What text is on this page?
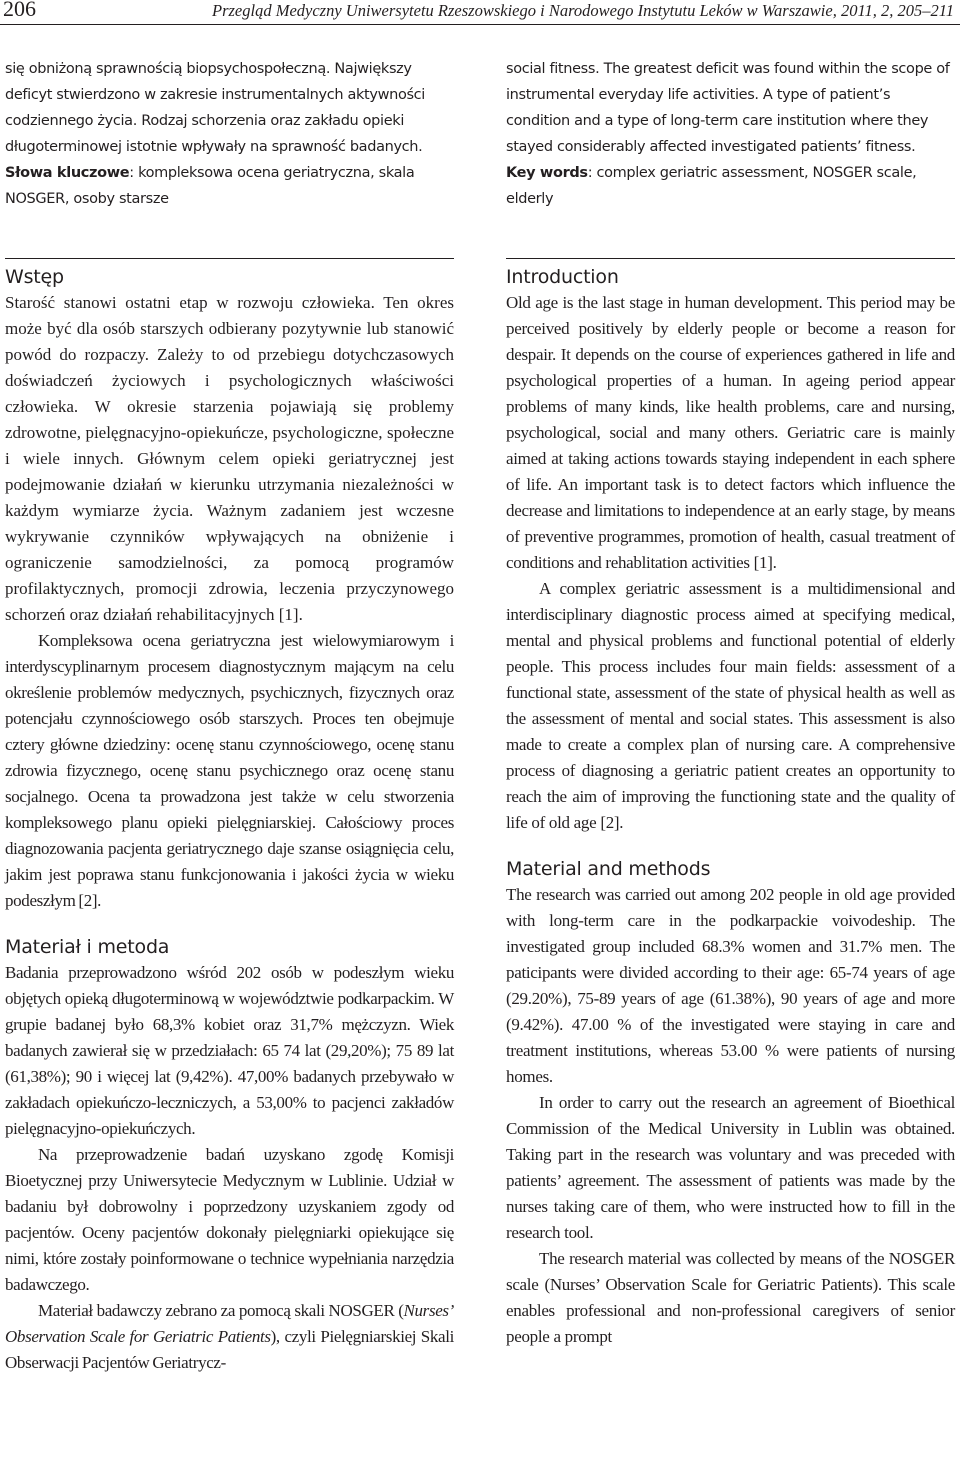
206	Przegląd Medyczny Uniwersytetu Rzeszowskiego i Narodowego Instytutu Leków w Warszawie, 2011, 2, 205–211

się obniżoną sprawnością biopsychospołeczną. Największy deficyt stwierdzono w zakresie instrumentalnych aktywności codziennego życia. Rodzaj schorzenia oraz zakładu opieki długoterminowej istotnie wpływały na sprawność badanych.

Słowa kluczowe: kompleksowa ocena geriatryczna, skala NOSGER, osoby starsze

social fitness. The greatest deficit was found within the scope of instrumental everyday life activities. A type of patient’s condition and a type of long-term care institution where they stayed considerably affected investigated patients’ fitness.

Key words: complex geriatric assessment, NOSGER scale, elderly

Wstęp

Starość stanowi ostatni etap w rozwoju człowieka. Ten okres może być dla osób starszych odbierany pozytywnie lub stanowić powód do rozpaczy. Zależy to od przebiegu dotychczasowych doświadczeń życiowych i psychologicznych właściwości człowieka. W okresie starzenia pojawiają się problemy zdrowotne, pielęgnacyjno-opiekuńcze, psychologiczne, społeczne i wiele innych. Głównym celem opieki geriatrycznej jest podejmowanie działań w kierunku utrzymania niezależności w każdym wymiarze życia. Ważnym zadaniem jest wczesne wykrywanie czynników wpływających na obniżenie i ograniczenie samodzielności, za pomocą programów profilaktycznych, promocji zdrowia, leczenia przyczynowego schorzeń oraz działań rehabilitacyjnych [1].

Kompleksowa ocena geriatryczna jest wielowymiarowym i interdyscyplinarnym procesem diagnostycznym mającym na celu określenie problemów medycznych, psychicznych, fizycznych oraz potencjału czynnościowego osób starszych. Proces ten obejmuje cztery główne dziedziny: ocenę stanu czynnościowego, ocenę stanu zdrowia fizycznego, ocenę stanu psychicznego oraz ocenę stanu socjalnego. Ocena ta prowadzona jest także w celu stworzenia kompleksowego planu opieki pielęgniarskiej. Całościowy proces diagnozowania pacjenta geriatrycznego daje szanse osiągnięcia celu, jakim jest poprawa stanu funkcjonowania i jakości życia w wieku podeszłym [2].

Materiał i metoda

Badania przeprowadzono wśród 202 osób w podeszłym wieku objętych opieką długoterminową w województwie podkarpackim. W grupie badanej było 68,3% kobiet oraz 31,7% mężczyzn. Wiek badanych zawierał się w przedziałach: 65 74 lat (29,20%); 75 89 lat (61,38%); 90 i więcej lat (9,42%). 47,00% badanych przebywało w zakładach opiekuńczo-leczniczych, a 53,00% to pacjenci zakładów pielęgnacyjno-opiekuńczych.

Na przeprowadzenie badań uzyskano zgodę Komisji Bioetycznej przy Uniwersytecie Medycznym w Lublinie. Udział w badaniu był dobrowolny i poprzedzony uzyskaniem zgody od pacjentów. Oceny pacjentów dokonały pielęgniarki opiekujące się nimi, które zostały poinformowane o technice wypełniania narzędzia badawczego.

Materiał badawczy zebrano za pomocą skali NOSGER (Nurses’ Observation Scale for Geriatric Patients), czyli Pielęgniarskiej Skali Obserwacji Pacjentów Geriatrycz-

Introduction

Old age is the last stage in human development. This period may be perceived positively by elderly people or become a reason for despair. It depends on the course of experiences gathered in life and psychological properties of a human. In ageing period appear problems of many kinds, like health problems, care and nursing, psychological, social and many others. Geriatric care is mainly aimed at taking actions towards staying independent in each sphere of life. An important task is to detect factors which influence the decrease and limitations to independence at an early stage, by means of preventive programmes, promotion of health, casual treatment of conditions and rehablitation activities [1].

A complex geriatric assessment is a multidimensional and interdisciplinary diagnostic process aimed at specifying medical, mental and physical problems and functional potential of elderly people. This process includes four main fields: assessment of a functional state, assessment of the state of physical health as well as the assessment of mental and social states. This assessment is also made to create a complex plan of nursing care. A comprehensive process of diagnosing a geriatric patient creates an opportunity to reach the aim of improving the functioning state and the quality of life of old age [2].

Material and methods

The research was carried out among 202 people in old age provided with long-term care in the podkarpackie voivodeship. The investigated group included 68.3% women and 31.7% men. The paticipants were divided according to their age: 65-74 years of age (29.20%), 75-89 years of age (61.38%), 90 years of age and more (9.42%). 47.00 % of the investigated were staying in care and treatment institutions, whereas 53.00 % were patients of nursing homes.

In order to carry out the research an agreement of Bioethical Commission of the Medical University in Lublin was obtained. Taking part in the research was voluntary and was preceded with patients’ agreement. The assessment of patients was made by the nurses taking care of them, who were instructed how to fill in the research tool.

The research material was collected by means of the NOSGER scale (Nurses’ Observation Scale for Geriatric Patients). This scale enables professional and non-professional caregivers of senior people a prompt
